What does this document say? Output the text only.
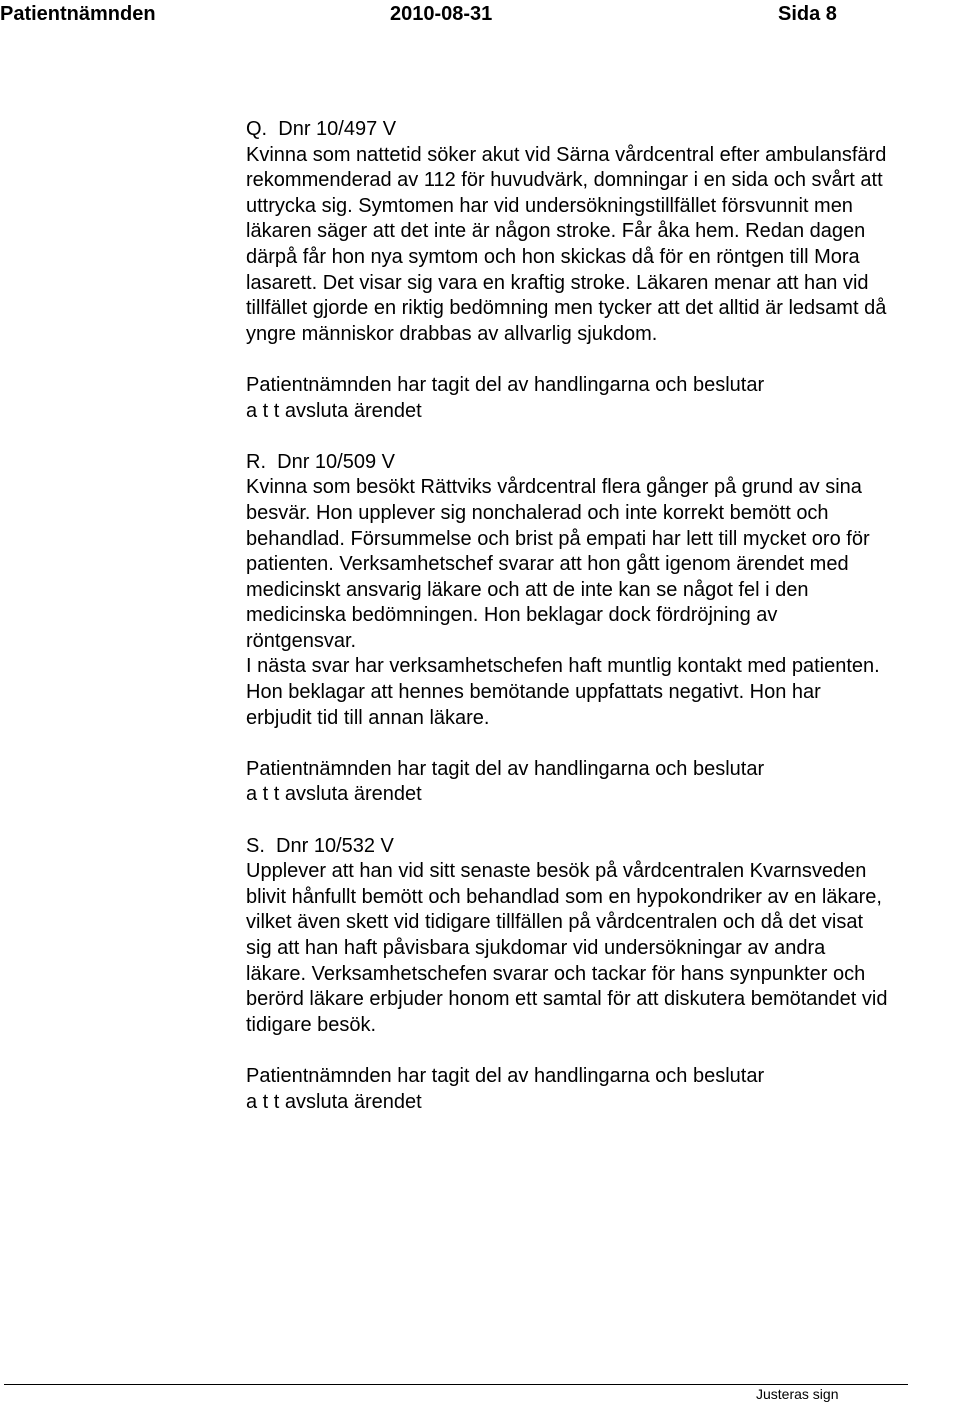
Patientnämnden	2010-08-31	Sida 8

Q. Dnr 10/497 V

Kvinna som nattetid söker akut vid Särna vårdcentral efter ambulansfärd

rekommenderad av 112 för huvudvärk, domningar i en sida och svårt att

uttrycka sig. Symtomen har vid undersökningstillfället försvunnit men

läkaren säger att det inte är någon stroke. Får åka hem. Redan dagen

därpå får hon nya symtom och hon skickas då för en röntgen till Mora

lasarett. Det visar sig vara en kraftig stroke. Läkaren menar att han vid

tillfället gjorde en riktig bedömning men tycker att det alltid är ledsamt då

yngre människor drabbas av allvarlig sjukdom.

Patientnämnden har tagit del av handlingarna och beslutar

a t t avsluta ärendet

R. Dnr 10/509 V

Kvinna som besökt Rättviks vårdcentral flera gånger på grund av sina

besvär. Hon upplever sig nonchalerad och inte korrekt bemött och

behandlad. Försummelse och brist på empati har lett till mycket oro för

patienten. Verksamhetschef svarar att hon gått igenom ärendet med

medicinskt ansvarig läkare och att de inte kan se något fel i den

medicinska bedömningen. Hon beklagar dock fördröjning av

röntgensvar.

I nästa svar har verksamhetschefen haft muntlig kontakt med patienten.

Hon beklagar att hennes bemötande uppfattats negativt. Hon har

erbjudit tid till annan läkare.

Patientnämnden har tagit del av handlingarna och beslutar

a t t avsluta ärendet

S. Dnr 10/532 V

Upplever att han vid sitt senaste besök på vårdcentralen Kvarnsveden

blivit hånfullt bemött och behandlad som en hypokondriker av en läkare,

vilket även skett vid tidigare tillfällen på vårdcentralen och då det visat

sig att han haft påvisbara sjukdomar vid undersökningar av andra

läkare. Verksamhetschefen svarar och tackar för hans synpunkter och

berörd läkare erbjuder honom ett samtal för att diskutera bemötandet vid

tidigare besök.

Patientnämnden har tagit del av handlingarna och beslutar

a t t avsluta ärendet

Justeras sign
